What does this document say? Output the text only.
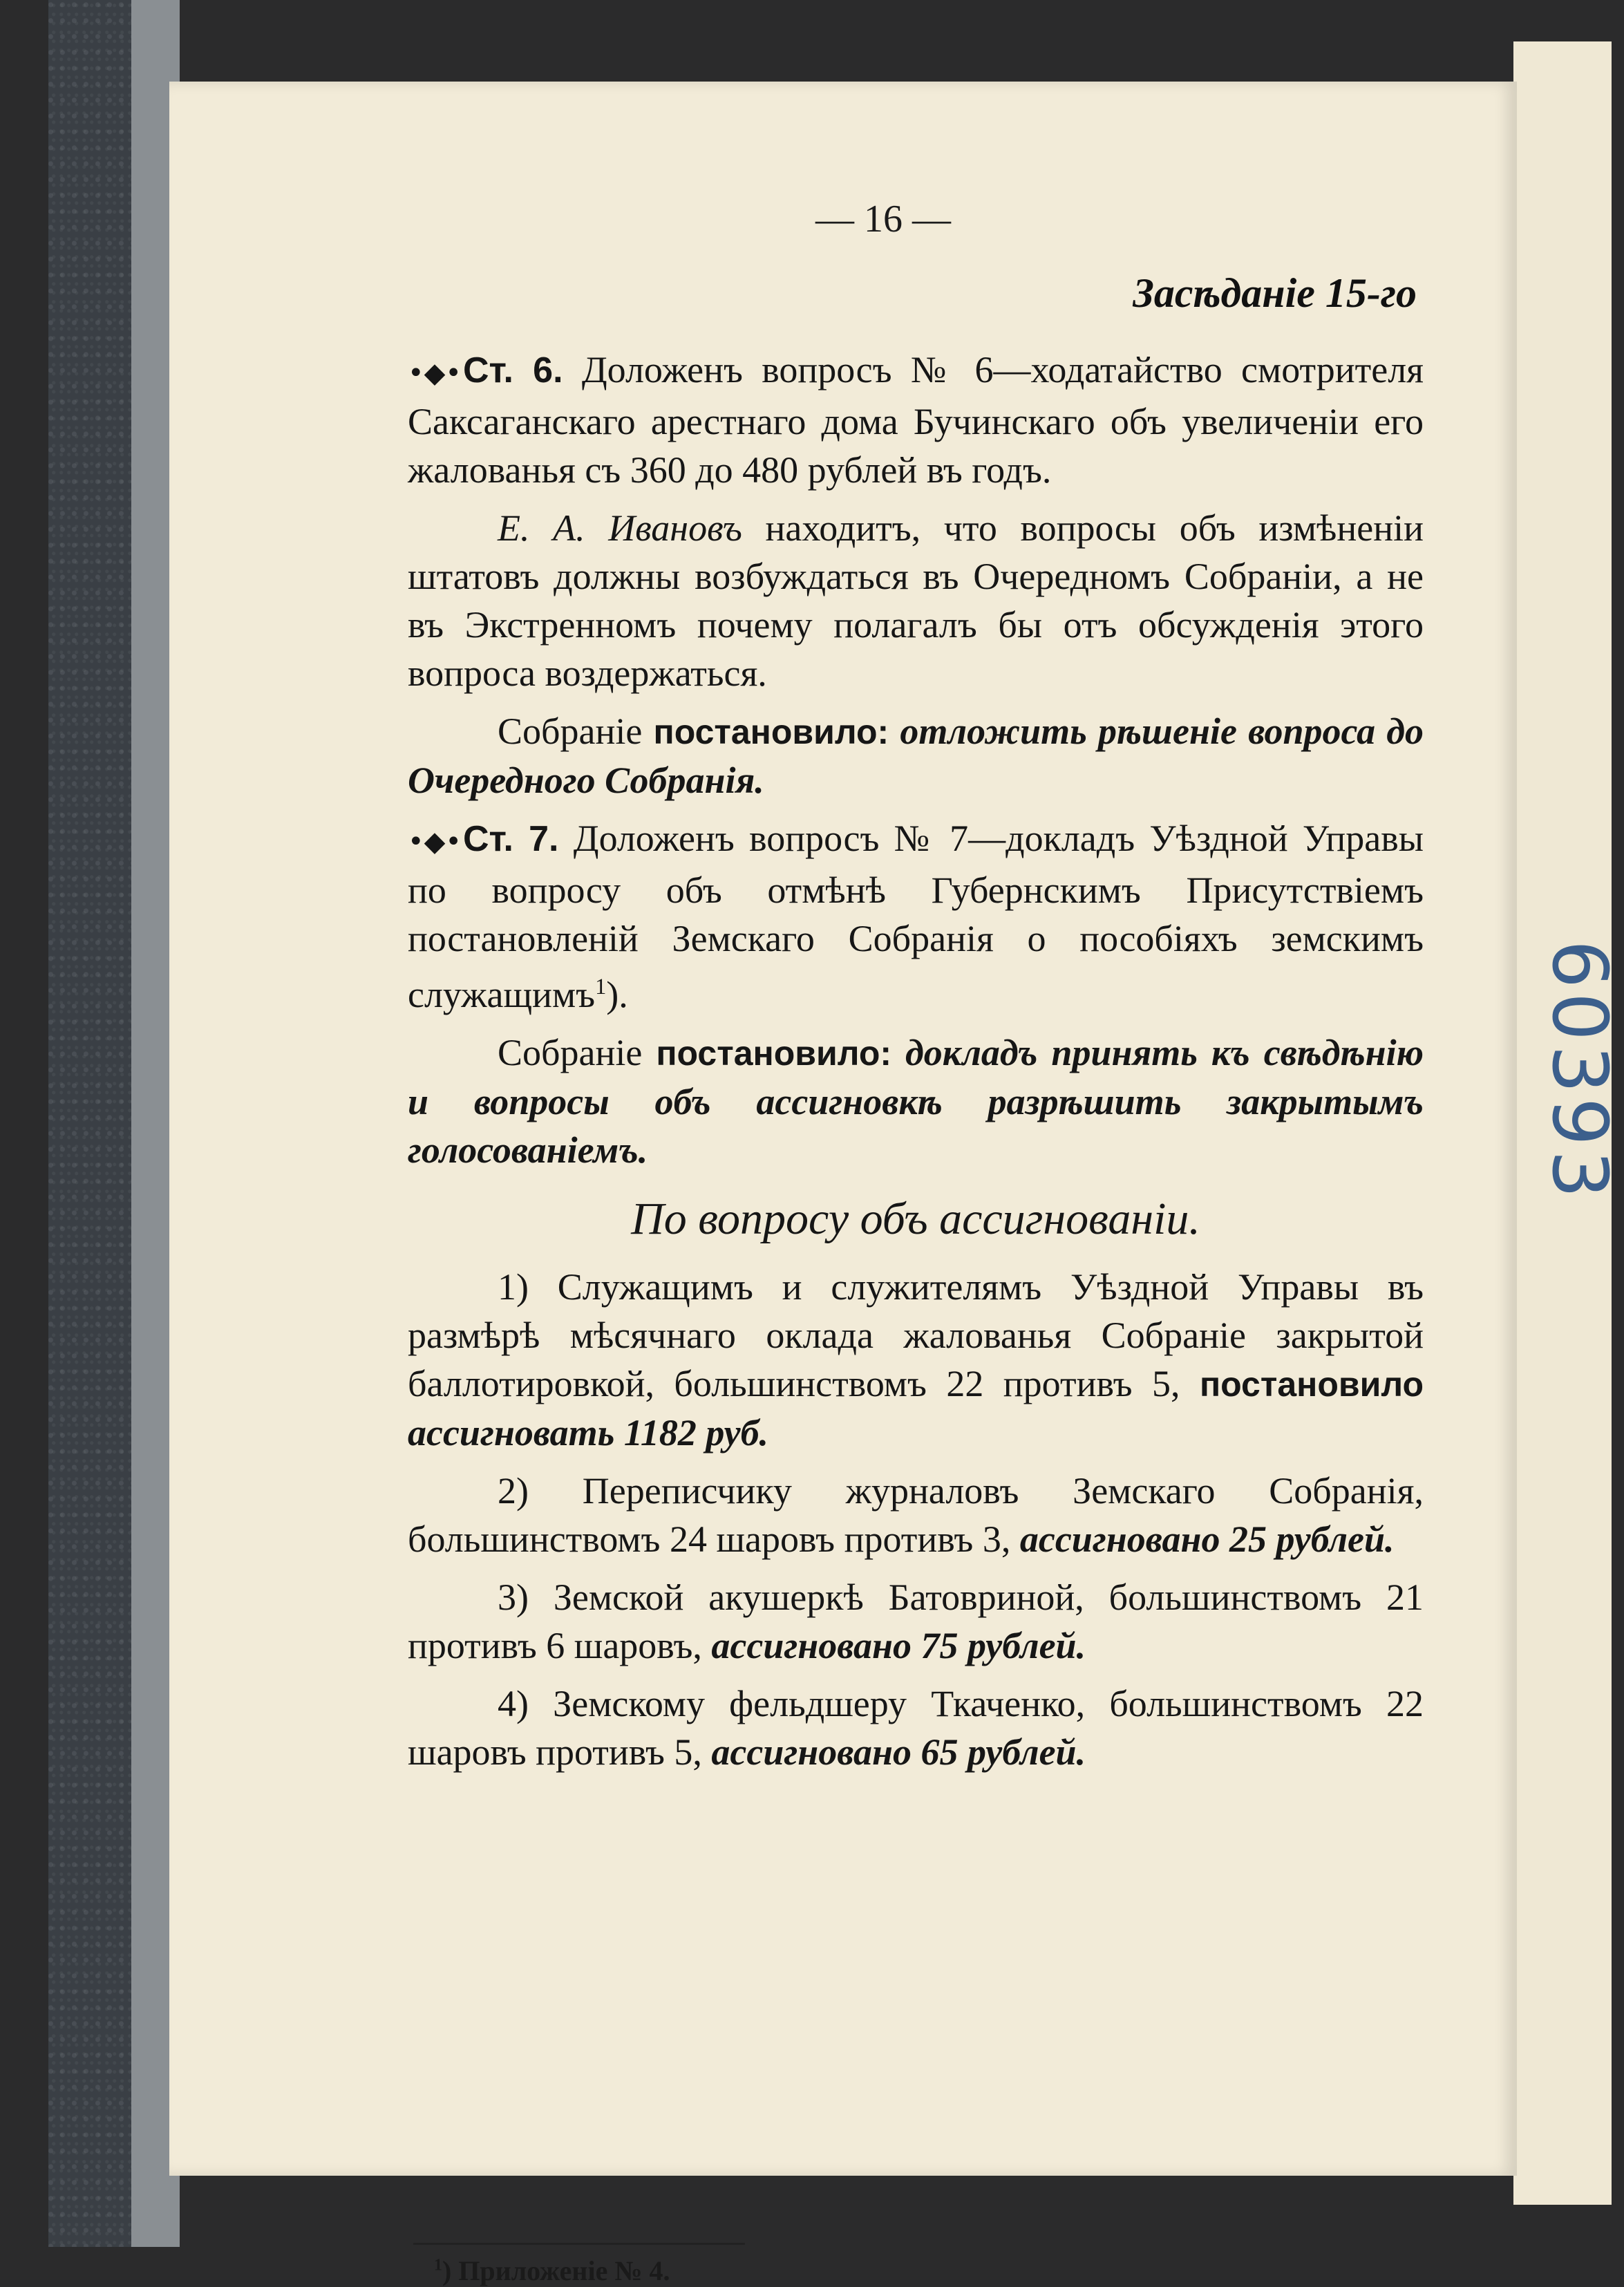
— 16 —
Засѣданіе 15-го

•◆•Ст. 6. Доложенъ вопросъ № 6—ходатайство смотрителя Саксаганскаго арестнаго дома Бучинскаго объ увеличеніи его жалованья съ 360 до 480 рублей въ годъ.

Е. А. Ивановъ находитъ, что вопросы объ измѣненіи штатовъ должны возбуждаться въ Очередномъ Собраніи, а не въ Экстренномъ почему полагалъ бы отъ обсужденія этого вопроса воздержаться.

Собраніе постановило: отложить рѣшеніе вопроса до Очередного Собранія.

•◆•Ст. 7. Доложенъ вопросъ № 7—докладъ Уѣздной Управы по вопросу объ отмѣнѣ Губернскимъ Присутствіемъ постановленій Земскаго Собранія о пособіяхъ земскимъ служащимъ$^1$).

Собраніе постановило: докладъ принять къ свѣдѣнію и вопросы объ ассигновкѣ разрѣшить закрытымъ голосованіемъ.

По вопросу объ ассигнованіи.

1) Служащимъ и служителямъ Уѣздной Управы въ размѣрѣ мѣсячнаго оклада жалованья Собраніе закрытой баллотировкой, большинствомъ 22 противъ 5, постановило ассигновать 1182 руб.

2) Переписчику журналовъ Земскаго Собранія, большинствомъ 24 шаровъ противъ 3, ассигновано 25 рублей.

3) Земской акушеркѣ Батовриной, большинствомъ 21 противъ 6 шаровъ, ассигновано 75 рублей.

4) Земскому фельдшеру Ткаченко, большинствомъ 22 шаровъ противъ 5, ассигновано 65 рублей.

$^1$) Приложеніе № 4.
60393
